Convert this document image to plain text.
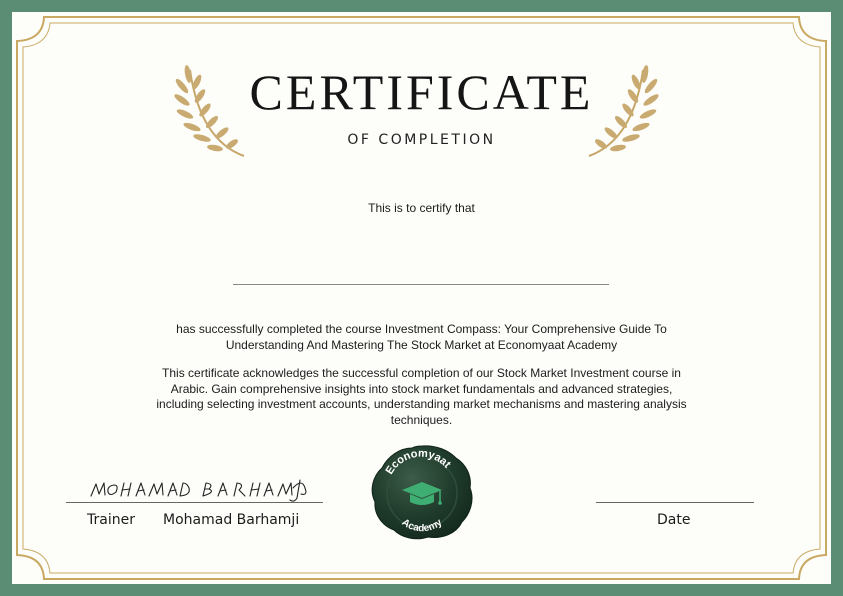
CERTIFICATE
OF COMPLETION
This is to certify that
has successfully completed the course Investment Compass: Your Comprehensive Guide To
Understanding And Mastering The Stock Market at Economyaat Academy
This certificate acknowledges the successful completion of our Stock Market Investment course in
Arabic. Gain comprehensive insights into stock market fundamentals and advanced strategies,
including selecting investment accounts, understanding market mechanisms and mastering analysis
techniques.
Trainer Mohamad Barhamji	Date
Economyaat
Academy
